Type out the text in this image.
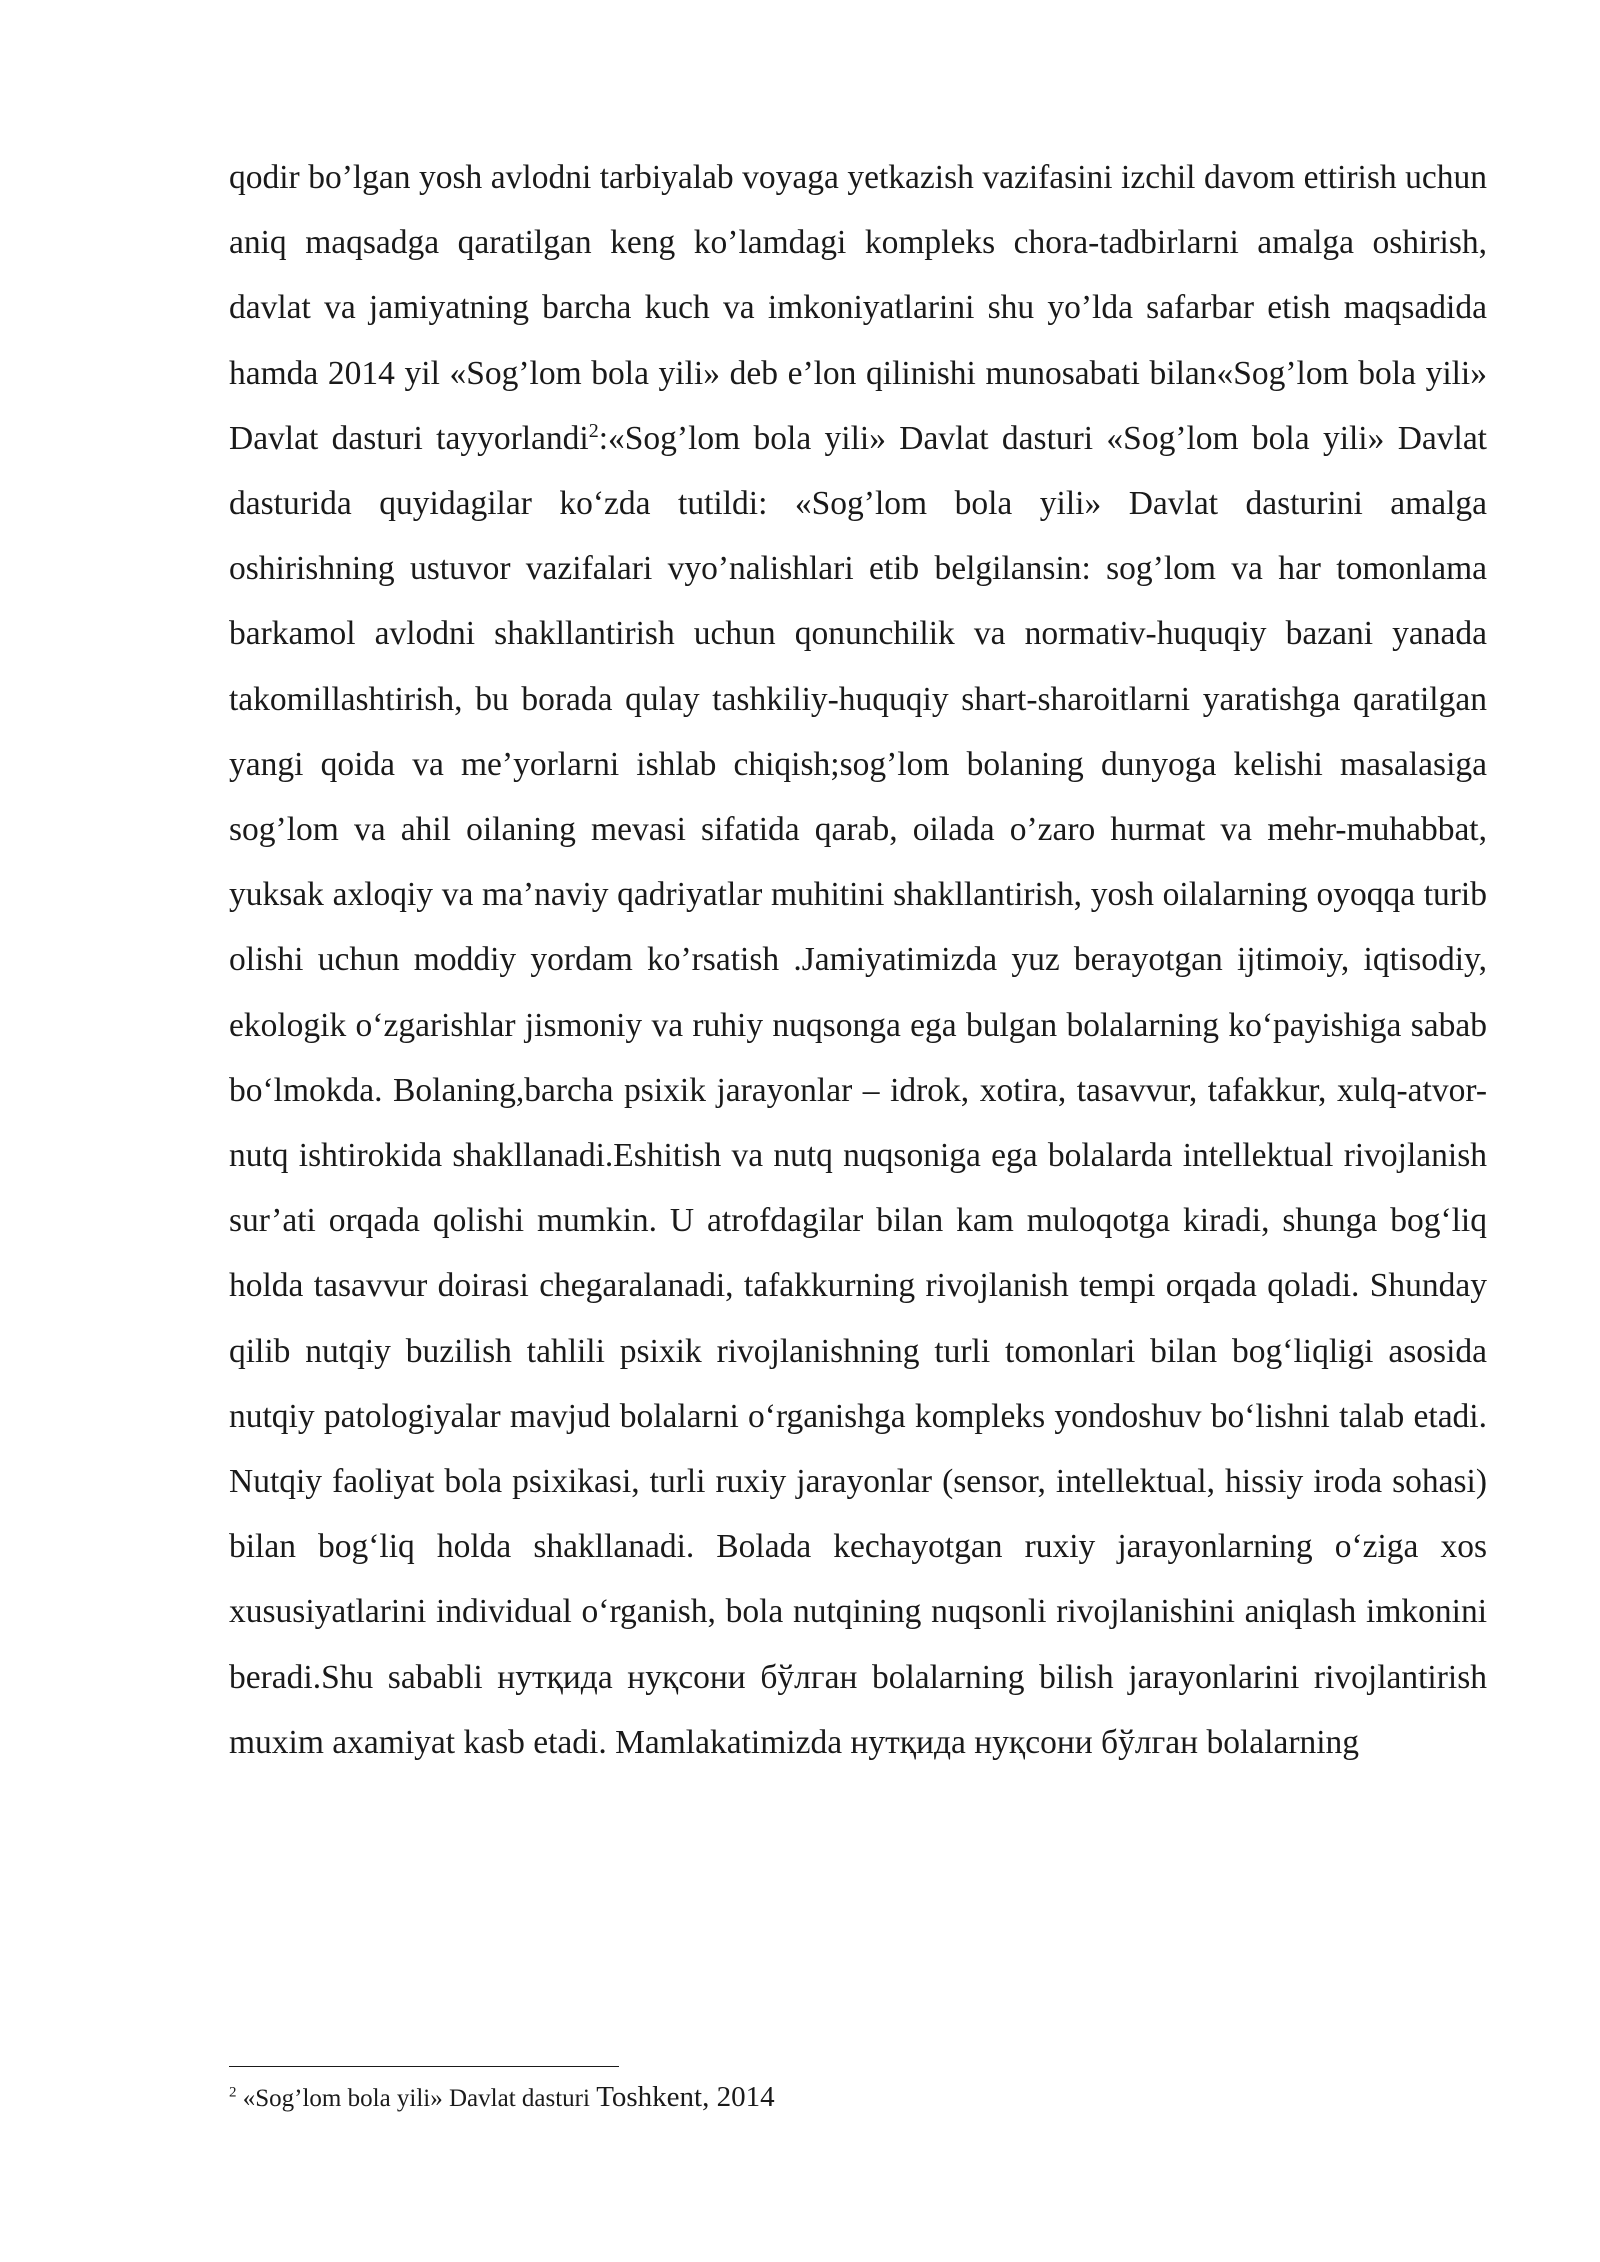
qodir bo’lgan yosh avlodni tarbiyalab voyaga yetkazish vazifasini izchil davom ettirish uchun aniq maqsadga qaratilgan keng ko’lamdagi kompleks chora-tadbirlarni amalga oshirish, davlat va jamiyatning barcha kuch va imkoniyatlarini shu yo’lda safarbar etish maqsadida hamda 2014 yil «Sog’lom bola yili» deb e’lon qilinishi munosabati bilan«Sog’lom bola yili» Davlat dasturi tayyorlandi$^2$:«Sog’lom bola yili» Davlat dasturi «Sog’lom bola yili» Davlat dasturida quyidagilar ko‘zda tutildi: «Sog’lom bola yili» Davlat dasturini amalga oshirishning ustuvor vazifalari vyo’nalishlari etib belgilansin: sog’lom va har tomonlama barkamol avlodni shakllantirish uchun qonunchilik va normativ-huquqiy bazani yanada takomillashtirish, bu borada qulay tashkiliy-huquqiy shart-sharoitlarni yaratishga qaratilgan yangi qoida va me’yorlarni ishlab chiqish;sog’lom bolaning dunyoga kelishi masalasiga sog’lom va ahil oilaning mevasi sifatida qarab, oilada o’zaro hurmat va mehr-muhabbat, yuksak axloqiy va ma’naviy qadriyatlar muhitini shakllantirish, yosh oilalarning oyoqqa turib olishi uchun moddiy yordam ko’rsatish .Jamiyatimizda yuz berayotgan ijtimoiy, iqtisodiy, ekologik o‘zgarishlar jismoniy va ruhiy nuqsonga ega bulgan bolalarning ko‘payishiga sabab bo‘lmokda. Bolaning,barcha psixik jarayonlar – idrok, xotira, tasavvur, tafakkur, xulq-atvor-nutq ishtirokida shakllanadi.Eshitish va nutq nuqsoniga ega bolalarda intellektual rivojlanish sur’ati orqada qolishi mumkin. U atrofdagilar bilan kam muloqotga kiradi, shunga bog‘liq holda tasavvur doirasi chegaralanadi, tafakkurning rivojlanish tempi orqada qoladi. Shunday qilib nutqiy buzilish tahlili psixik rivojlanishning turli tomonlari bilan bog‘liqligi asosida nutqiy patologiyalar mavjud bolalarni o‘rganishga kompleks yondoshuv bo‘lishni talab etadi. Nutqiy faoliyat bola psixikasi, turli ruxiy jarayonlar (sensor, intellektual, hissiy iroda sohasi) bilan bog‘liq holda shakllanadi. Bolada kechayotgan ruxiy jarayonlarning o‘ziga xos xususiyatlarini individual o‘rganish, bola nutqining nuqsonli rivojlanishini aniqlash imkonini beradi.Shu sababli нутқида нуқсони бўлган bolalarning bilish jarayonlarini rivojlantirish muxim axamiyat kasb etadi. Mamlakatimizda нутқида нуқсони бўлган bolalarning

$^2$ «Sog’lom bola yili» Davlat dasturi Toshkent, 2014
